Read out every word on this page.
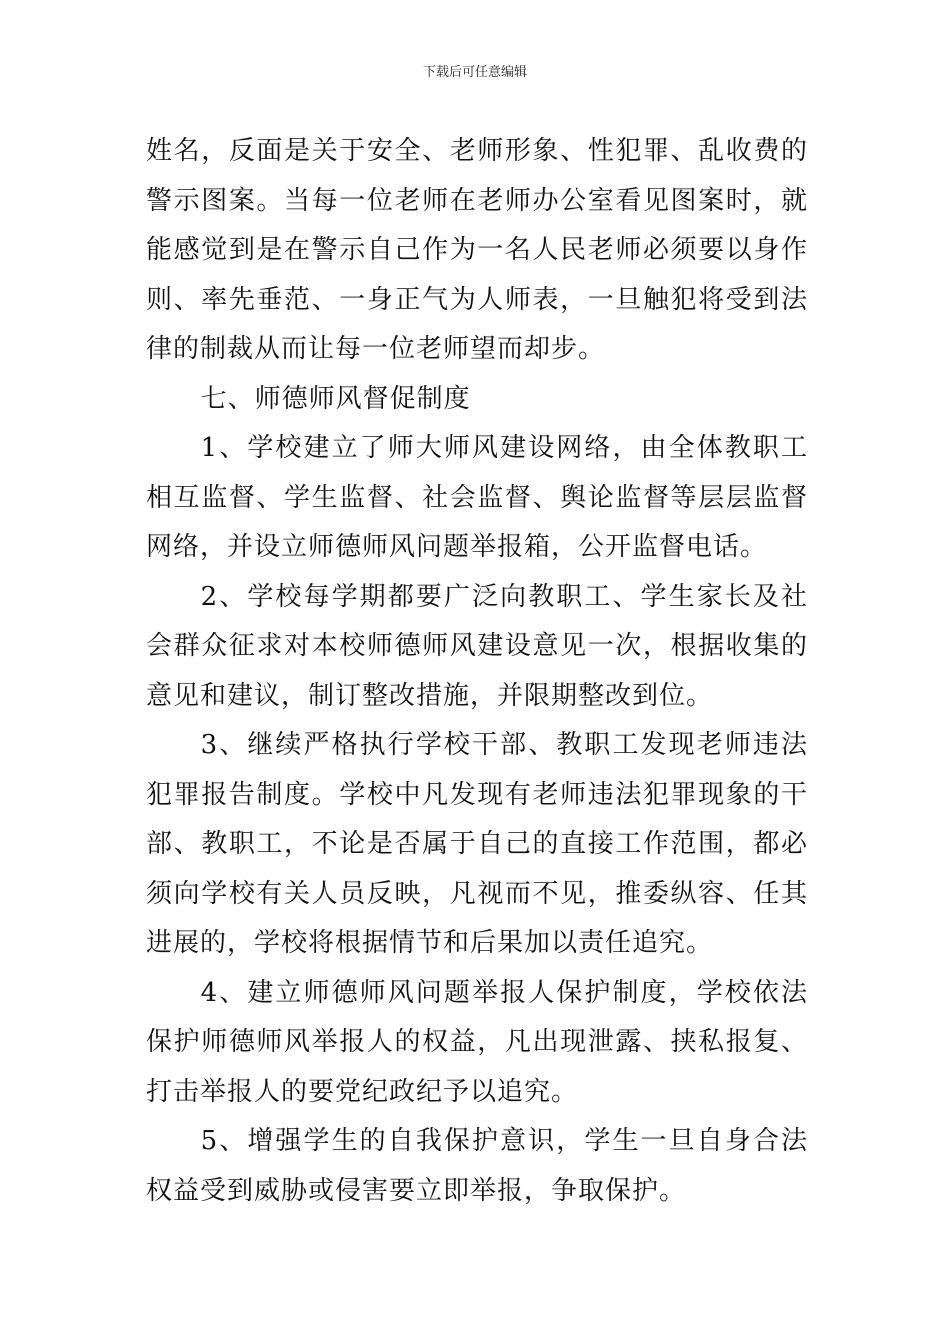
下载后可任意编辑

姓名，反面是关于安全、老师形象、性犯罪、乱收费的警示图案。当每一位老师在老师办公室看见图案时，就能感觉到是在警示自己作为一名人民老师必须要以身作则、率先垂范、一身正气为人师表，一旦触犯将受到法律的制裁从而让每一位老师望而却步。

七、师德师风督促制度

1、学校建立了师大师风建设网络，由全体教职工相互监督、学生监督、社会监督、舆论监督等层层监督网络，并设立师德师风问题举报箱，公开监督电话。

2、学校每学期都要广泛向教职工、学生家长及社会群众征求对本校师德师风建设意见一次，根据收集的意见和建议，制订整改措施，并限期整改到位。

3、继续严格执行学校干部、教职工发现老师违法犯罪报告制度。学校中凡发现有老师违法犯罪现象的干部、教职工，不论是否属于自己的直接工作范围，都必须向学校有关人员反映，凡视而不见，推委纵容、任其进展的，学校将根据情节和后果加以责任追究。

4、建立师德师风问题举报人保护制度，学校依法保护师德师风举报人的权益，凡出现泄露、挟私报复、打击举报人的要党纪政纪予以追究。

5、增强学生的自我保护意识，学生一旦自身合法权益受到威胁或侵害要立即举报，争取保护。
